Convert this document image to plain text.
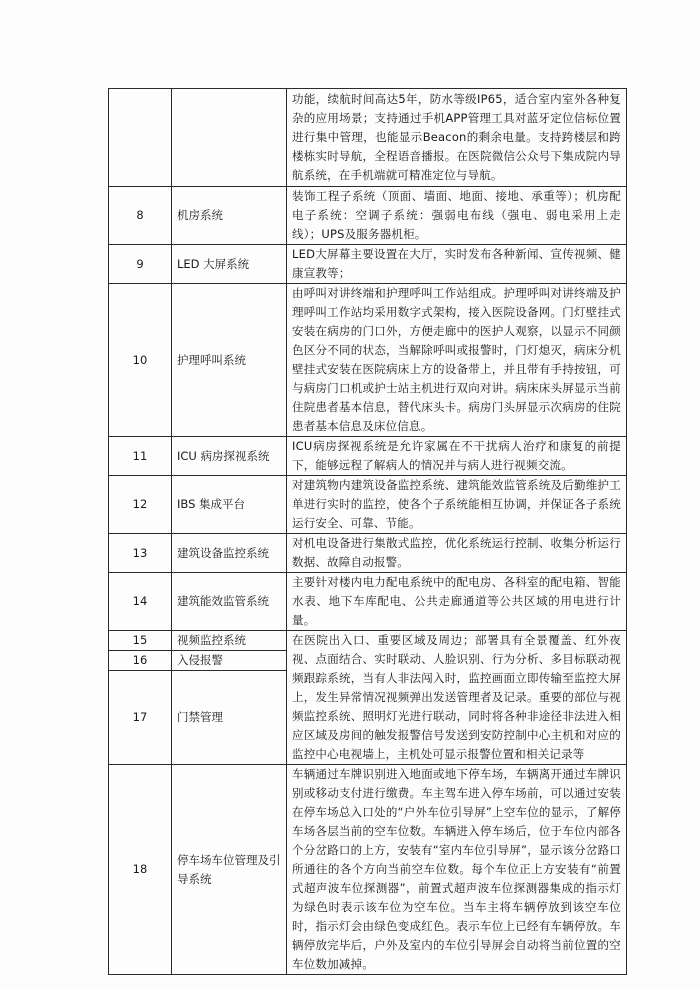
		功能，续航时间高达5年，防水等级IP65，适合室内室外各种复杂的应用场景；支持通过手机APP管理工具对蓝牙定位信标位置进行集中管理，也能显示Beacon的剩余电量。支持跨楼层和跨楼栋实时导航，全程语音播报。在医院微信公众号下集成院内导航系统，在手机端就可精准定位与导航。
8	机房系统	装饰工程子系统（顶面、墙面、地面、接地、承重等）；机房配电子系统：空调子系统：强弱电布线（强电、弱电采用上走线）；UPS及服务器机柜。
9	LED 大屏系统	LED大屏幕主要设置在大厅，实时发布各种新闻、宣传视频、健康宣教等；
10	护理呼叫系统	由呼叫对讲终端和护理呼叫工作站组成。护理呼叫对讲终端及护理呼叫工作站均采用数字式架构，接入医院设备网。门灯壁挂式安装在病房的门口外，方便走廊中的医护人观察，以显示不同颜色区分不同的状态，当解除呼叫或报警时，门灯熄灭，病床分机壁挂式安装在医院病床上方的设备带上，并且带有手持按钮，可与病房门口机或护士站主机进行双向对讲。病床床头屏显示当前住院患者基本信息，替代床头卡。病房门头屏显示次病房的住院患者基本信息及床位信息。
11	ICU 病房探视系统	ICU病房探视系统是允许家属在不干扰病人治疗和康复的前提下，能够远程了解病人的情况并与病人进行视频交流。
12	IBS 集成平台	对建筑物内建筑设备监控系统、建筑能效监管系统及后勤维护工单进行实时的监控，使各个子系统能相互协调，并保证各子系统运行安全、可靠、节能。
13	建筑设备监控系统	对机电设备进行集散式监控，优化系统运行控制、收集分析运行数据、故障自动报警。
14	建筑能效监管系统	主要针对楼内电力配电系统中的配电房、各科室的配电箱、智能水表、地下车库配电、公共走廊通道等公共区域的用电进行计量。
15	视频监控系统	在医院出入口、重要区域及周边；部署具有全景覆盖、红外夜视、点面结合、实时联动、人脸识别、行为分析、多目标联动视频跟踪系统，当有人非法闯入时，监控画面立即传输至监控大屏上，发生异常情况视频弹出发送管理者及记录。重要的部位与视频监控系统、照明灯光进行联动，同时将各种非途径非法进入相应区域及房间的触发报警信号发送到安防控制中心主机和对应的监控中心电视墙上，主机处可显示报警位置和相关记录等
16	入侵报警	
17	门禁管理	
18	停车场车位管理及引导系统	车辆通过车牌识别进入地面或地下停车场，车辆离开通过车牌识别或移动支付进行缴费。车主驾车进入停车场前，可以通过安装在停车场总入口处的“户外车位引导屏”上空车位的显示，了解停车场各层当前的空车位数。车辆进入停车场后，位于车位内部各个分岔路口的上方，安装有“室内车位引导屏”，显示该分岔路口所通往的各个方向当前空车位数。每个车位正上方安装有“前置式超声波车位探测器”，前置式超声波车位探测器集成的指示灯为绿色时表示该车位为空车位。当车主将车辆停放到该空车位时，指示灯会由绿色变成红色。表示车位上已经有车辆停放。车辆停放完毕后，户外及室内的车位引导屏会自动将当前位置的空车位数加减掉。
